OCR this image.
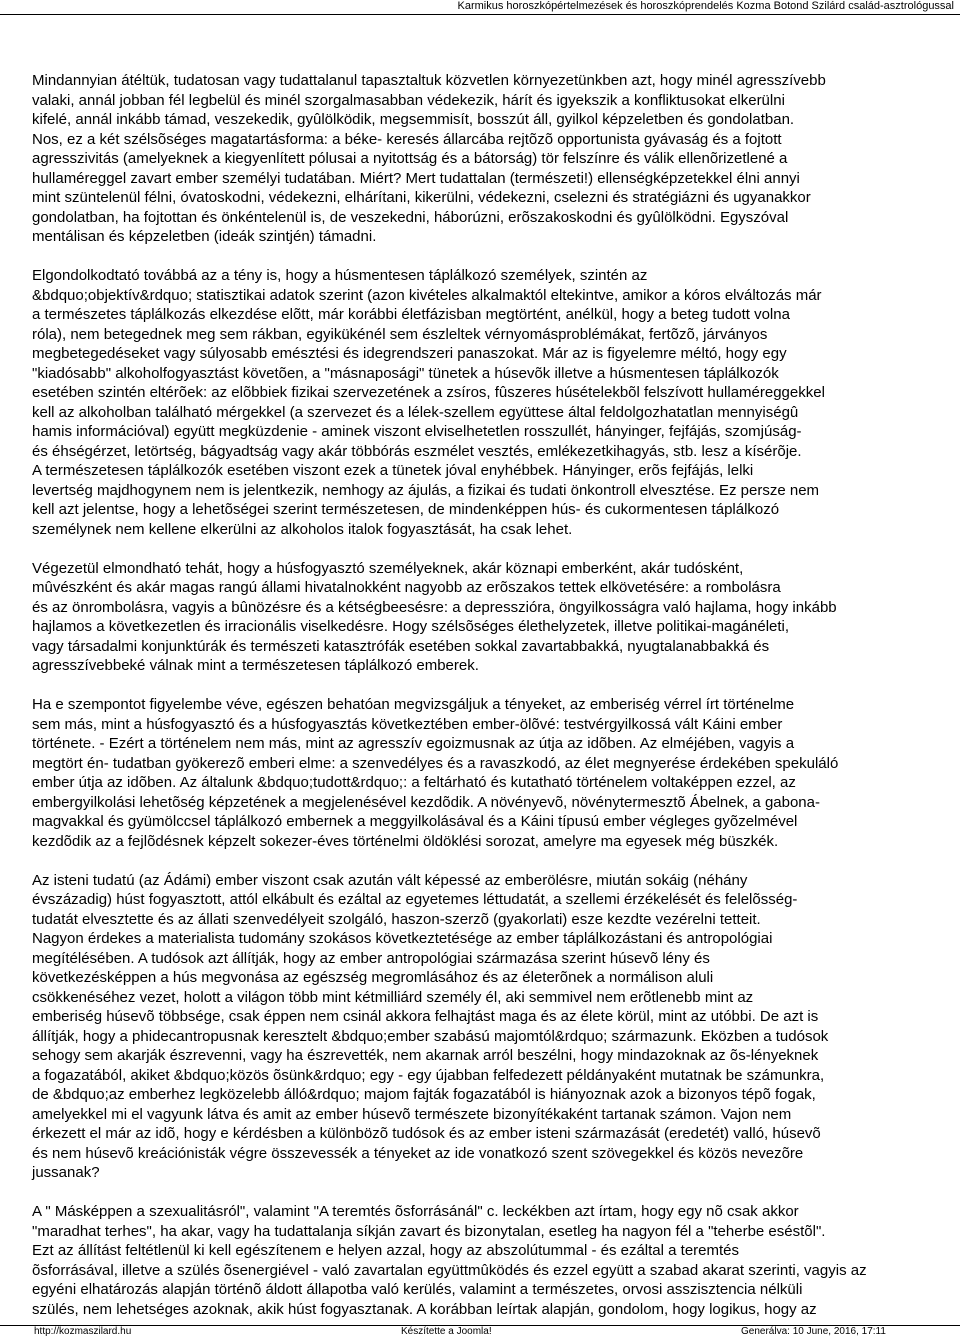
Karmikus horoszkópértelmezések és horoszkóprendelés Kozma Botond Szilárd család-asztrológussal

Mindannyian átéltük, tudatosan vagy tudattalanul tapasztaltuk közvetlen környezetünkben azt, hogy minél agresszívebb
valaki, annál jobban fél legbelül és minél szorgalmasabban védekezik, hárít és igyekszik a konfliktusokat elkerülni
kifelé, annál inkább támad, veszekedik, gyûlölködik, megsemmisít, bosszút áll, gyilkol képzeletben és gondolatban.
Nos, ez a két szélsõséges magatartásforma: a béke- keresés állarcába rejtõzõ opportunista gyávaság és a fojtott
agresszivitás (amelyeknek a kiegyenlített pólusai a nyitottság és a bátorság) tör felszínre és válik ellenõrizetlené a
hullaméreggel zavart ember személyi tudatában. Miért? Mert tudattalan (természeti!) ellenségképzetekkel élni annyi
mint szüntelenül félni, óvatoskodni, védekezni, elhárítani, kikerülni, védekezni, cselezni és stratégiázni és ugyanakkor
gondolatban, ha fojtottan és önkéntelenül is, de veszekedni, háborúzni, erõszakoskodni és gyûlölködni. Egyszóval
mentálisan és képzeletben (ideák szintjén) támadni.

Elgondolkodtató továbbá az a tény is, hogy a húsmentesen táplálkozó személyek, szintén az
&bdquo;objektív&rdquo; statisztikai adatok szerint (azon kivételes alkalmaktól eltekintve, amikor a kóros elváltozás már
a természetes táplálkozás elkezdése elõtt, már korábbi életfázisban megtörtént, anélkül, hogy a beteg tudott volna
róla), nem betegednek meg sem rákban, egyikükénél sem észleltek vérnyomásproblémákat, fertõzõ, járványos
megbetegedéseket vagy súlyosabb emésztési és idegrendszeri panaszokat. Már az is figyelemre méltó, hogy egy
"kiadósabb" alkoholfogyasztást követõen, a "másnaposági" tünetek a húsevõk illetve a húsmentesen táplálkozók
esetében szintén eltérõek: az elõbbiek fizikai szervezetének a zsíros, fûszeres húsételekbõl felszívott hullaméreggekkel
kell az alkoholban található mérgekkel (a szervezet és a lélek-szellem együttese által feldolgozhatatlan mennyiségû
hamis információval) együtt megküzdenie - aminek viszont elviselhetetlen rosszullét, hányinger, fejfájás, szomjúság-
és éhségérzet, letörtség, bágyadtság vagy akár többórás eszmélet vesztés, emlékezetkihagyás, stb. lesz a kísérõje.
A természetesen táplálkozók esetében viszont ezek a tünetek jóval enyhébbek. Hányinger, erõs fejfájás, lelki
levertség majdhogynem nem is jelentkezik, nemhogy az ájulás, a fizikai és tudati önkontroll elvesztése. Ez persze nem
kell azt jelentse, hogy a lehetõségei szerint természetesen, de mindenképpen hús- és cukormentesen táplálkozó
személynek nem kellene elkerülni az alkoholos italok fogyasztását, ha csak lehet.

Végezetül elmondható tehát, hogy a húsfogyasztó személyeknek, akár köznapi emberként, akár tudósként,
mûvészként és akár magas rangú állami hivatalnokként nagyobb az erõszakos tettek elkövetésére: a rombolásra
és az önrombolásra, vagyis a bûnözésre és a kétségbeesésre: a depresszióra, öngyilkosságra való hajlama, hogy inkább
hajlamos a következetlen és irracionális viselkedésre. Hogy szélsõséges élethelyzetek, illetve politikai-magánéleti,
vagy társadalmi konjunktúrák és természeti katasztrófák esetében sokkal zavartabbakká, nyugtalanabbakká és
agresszívebbeké válnak mint a természetesen táplálkozó emberek.

Ha e szempontot figyelembe véve, egészen behatóan megvizsgáljuk a tényeket, az emberiség vérrel írt történelme
sem más, mint a húsfogyasztó és a húsfogyasztás következtében ember-ölõvé: testvérgyilkossá vált Káini ember
története. - Ezért a történelem nem más, mint az agresszív egoizmusnak az útja az idõben. Az elméjében, vagyis a
megtört én- tudatban gyökerezõ emberi elme: a szenvedélyes és a ravaszkodó, az élet megnyerése érdekében spekuláló
ember útja az idõben. Az általunk &bdquo;tudott&rdquo;: a feltárható és kutatható történelem voltaképpen ezzel, az
embergyilkolási lehetõség képzetének a megjelenésével kezdõdik. A növényevõ, növénytermesztõ Ábelnek, a gabona-
magvakkal és gyümölccsel táplálkozó embernek a meggyilkolásával és a Káini típusú ember végleges gyõzelmével
kezdõdik az a fejlõdésnek képzelt sokezer-éves történelmi öldöklési sorozat, amelyre ma egyesek még büszkék.

Az isteni tudatú (az Ádámi) ember viszont csak azután vált képessé az emberölésre, miután sokáig (néhány
évszázadig) húst fogyasztott, attól elkábult és ezáltal az egyetemes léttudatát, a szellemi érzékelését és felelõsség-
tudatát elvesztette és az állati szenvedélyeit szolgáló, haszon-szerzõ (gyakorlati) esze kezdte vezérelni tetteit.
Nagyon érdekes a materialista tudomány szokásos következtetésége az ember táplálkozástani és antropológiai
megítélésében. A tudósok azt állítják, hogy az ember antropológiai származása szerint húsevõ lény és
következésképpen a hús megvonása az egészség megromlásához és az életerõnek a normálison aluli
csökkenéséhez vezet, holott a világon több mint kétmilliárd személy él, aki semmivel nem erõtlenebb mint az
emberiség húsevõ többsége, csak éppen nem csinál akkora felhajtást maga és az élete körül, mint az utóbbi. De azt is
állítják, hogy a phidecantropusnak keresztelt &bdquo;ember szabású majomtól&rdquo; származunk. Eközben a tudósok
sehogy sem akarják észrevenni, vagy ha észrevették, nem akarnak arról beszélni, hogy mindazoknak az õs-lényeknek
a fogazatából, akiket &bdquo;közös õsünk&rdquo; egy - egy újabban felfedezett példányaként mutatnak be számunkra,
de &bdquo;az emberhez legközelebb álló&rdquo; majom fajták fogazatából is hiányoznak azok a bizonyos tépõ fogak,
amelyekkel mi el vagyunk látva és amit az ember húsevõ természete bizonyítékaként tartanak számon. Vajon nem
érkezett el már az idõ, hogy e kérdésben a különbözõ tudósok és az ember isteni származását (eredetét) valló, húsevõ
és nem húsevõ kreációnisták végre összevessék a tényeket az ide vonatkozó szent szövegekkel és közös nevezõre
jussanak?

A " Másképpen a szexualitásról", valamint "A teremtés õsforrásánál" c. leckékben azt írtam, hogy egy nõ csak akkor
"maradhat terhes", ha akar, vagy ha tudattalanja síkján zavart és bizonytalan, esetleg ha nagyon fél a "teherbe eséstõl".
Ezt az állítást feltétlenül ki kell egészítenem e helyen azzal, hogy az abszolútummal - és ezáltal a teremtés
õsforrásával, illetve a szülés õsenergiével - való zavartalan együttmûködés és ezzel együtt a szabad akarat szerinti, vagyis az
egyéni elhatározás alapján történõ áldott állapotba való kerülés, valamint a természetes, orvosi asszisztencia nélküli
szülés, nem lehetséges azoknak, akik húst fogyasztanak. A korábban leírtak alapján, gondolom, hogy logikus, hogy az

http://kozmaszilard.hu	Készítette a Joomla!	Generálva: 10 June, 2016, 17:11
